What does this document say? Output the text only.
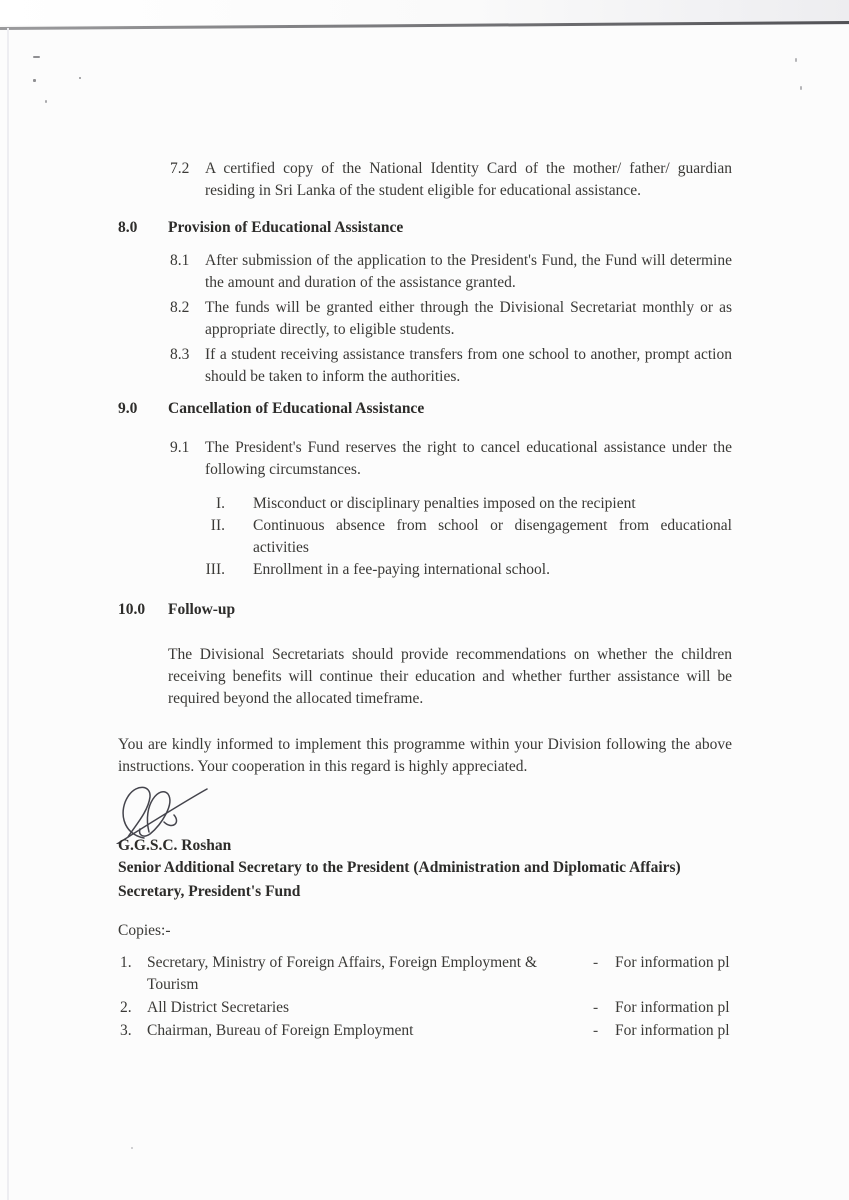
7.2	A certified copy of the National Identity Card of the mother/ father/ guardian residing in Sri Lanka of the student eligible for educational assistance.
8.0	Provision of Educational Assistance
8.1	After submission of the application to the President's Fund, the Fund will determine the amount and duration of the assistance granted.
8.2	The funds will be granted either through the Divisional Secretariat monthly or as appropriate directly, to eligible students.
8.3	If a student receiving assistance transfers from one school to another, prompt action should be taken to inform the authorities.
9.0	Cancellation of Educational Assistance
9.1	The President's Fund reserves the right to cancel educational assistance under the following circumstances.
I. Misconduct or disciplinary penalties imposed on the recipient
II. Continuous absence from school or disengagement from educational activities
III. Enrollment in a fee-paying international school.
10.0	Follow-up
The Divisional Secretariats should provide recommendations on whether the children receiving benefits will continue their education and whether further assistance will be required beyond the allocated timeframe.
You are kindly informed to implement this programme within your Division following the above instructions. Your cooperation in this regard is highly appreciated.
G.G.S.C. Roshan
Senior Additional Secretary to the President (Administration and Diplomatic Affairs)
Secretary, President's Fund
Copies:-
1. Secretary, Ministry of Foreign Affairs, Foreign Employment & Tourism
-	For information pl
2. All District Secretaries	-	For information pl
3. Chairman, Bureau of Foreign Employment	-	For information pl
